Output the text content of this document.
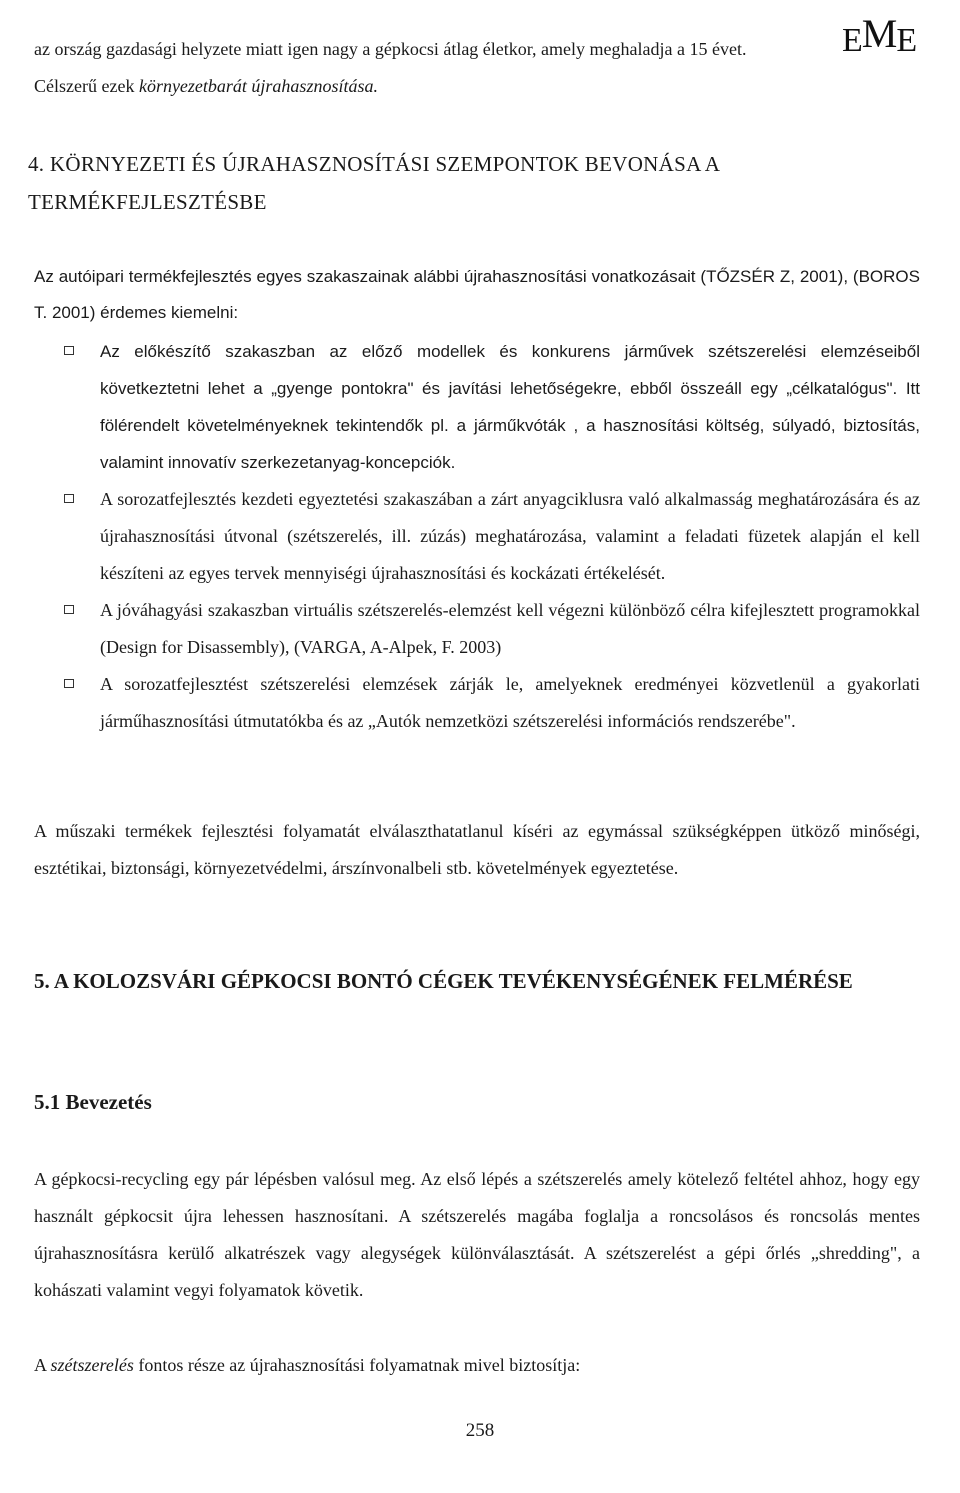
EME

az ország gazdasági helyzete miatt igen nagy a gépkocsi átlag életkor, amely meghaladja a 15 évet.
Célszerű ezek környezetbarát újrahasznosítása.

4. KÖRNYEZETI ÉS ÚJRAHASZNOSÍTÁSI SZEMPONTOK BEVONÁSA A TERMÉKFEJLESZTÉSBE

Az autóipari termékfejlesztés egyes szakaszainak alábbi újrahasznosítási vonatkozásait (TŐZSÉR Z, 2001), (BOROS T. 2001) érdemes kiemelni:

Az előkészítő szakaszban az előző modellek és konkurens járművek szétszerelési elemzéseiből következtetni lehet a „gyenge pontokra" és javítási lehetőségekre, ebből összeáll egy „célkatalógus". Itt fölérendelt követelményeknek tekintendők pl. a járműkvóták , a hasznosítási költség, súlyadó, biztosítás, valamint innovatív szerkezetanyag-koncepciók.
A sorozatfejlesztés kezdeti egyeztetési szakaszában a zárt anyagciklusra való alkalmasság meghatározására és az újrahasznosítási útvonal (szétszerelés, ill. zúzás) meghatározása, valamint a feladati füzetek alapján el kell készíteni az egyes tervek mennyiségi újrahasznosítási és kockázati értékelését.
A jóváhagyási szakaszban virtuális szétszerelés-elemzést kell végezni különböző célra kifejlesztett programokkal (Design for Disassembly), (VARGA, A-Alpek, F. 2003)
A sorozatfejlesztést szétszerelési elemzések zárják le, amelyeknek eredményei közvetlenül a gyakorlati járműhasznosítási útmutatókba és az „Autók nemzetközi szétszerelési információs rendszerébe".

A műszaki termékek fejlesztési folyamatát elválaszthatatlanul kíséri az egymással szükségképpen ütköző minőségi, esztétikai, biztonsági, környezetvédelmi, árszínvonalbeli stb. követelmények egyeztetése.

5. A KOLOZSVÁRI GÉPKOCSI BONTÓ CÉGEK TEVÉKENYSÉGÉNEK FELMÉRÉSE

5.1 Bevezetés

A gépkocsi-recycling egy pár lépésben valósul meg. Az első lépés a szétszerelés amely kötelező feltétel ahhoz, hogy egy használt gépkocsit újra lehessen hasznosítani. A szétszerelés magába foglalja a roncsolásos és roncsolás mentes újrahasznosításra kerülő alkatrészek vagy alegységek különválasztását. A szétszerelést a gépi őrlés „shredding", a kohászati valamint vegyi folyamatok követik.

A szétszerelés fontos része az újrahasznosítási folyamatnak mivel biztosítja:

258
